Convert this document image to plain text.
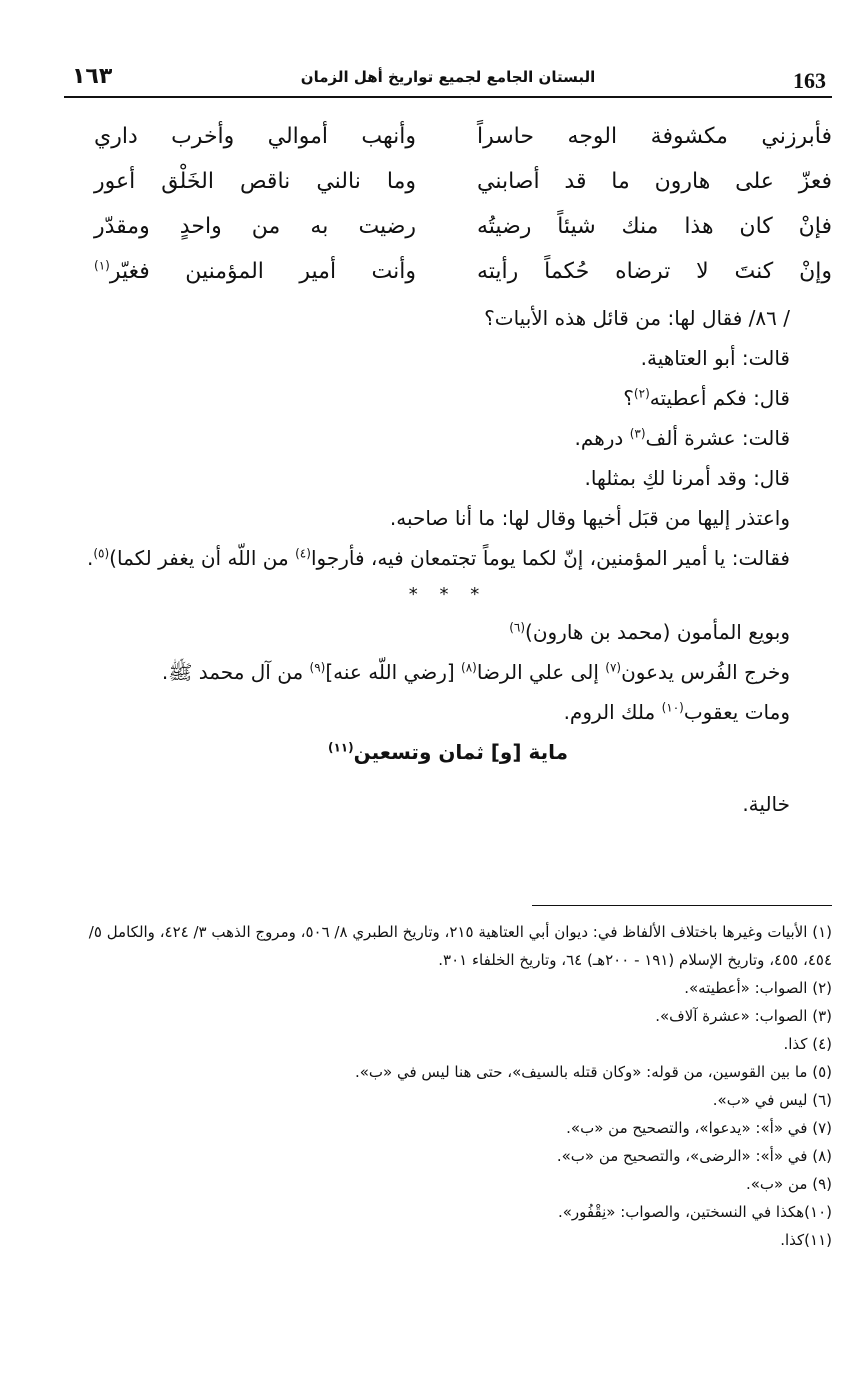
163
البستان الجامع لجميع تواريخ أهل الزمان
١٦٣
فأبرزني مكشوفة الوجه حاسراً
وأنهب أموالي وأخرب داري
فعزّ على هارون ما قد أصابني
وما نالني ناقص الخَلْق أعور
فإنْ كان هذا منك شيئاً رضيتُه
رضيت به من واحدٍ ومقدّر
وإنْ كنتَ لا ترضاه حُكماً رأيته
وأنت أمير المؤمنين فغيّر$^{(١)}$

/ ٨٦/ فقال لها: من قائل هذه الأبيات؟

قالت: أبو العتاهية.

قال: فكم أعطيته$^{(٢)}$؟

قالت: عشرة ألف$^{(٣)}$ درهم.

قال: وقد أمرنا لكِ بمثلها.

واعتذر إليها من قبَل أخيها وقال لها: ما أنا صاحبه.

فقالت: يا أمير المؤمنين، إنّ لكما يوماً تجتمعان فيه، فأرجوا$^{(٤)}$ من اللّه أن يغفر لكما)$^{(٥)}$.

* * *

وبويع المأمون (محمد بن هارون)$^{(٦)}$

وخرج الفُرس يدعون$^{(٧)}$ إلى علي الرضا$^{(٨)}$ [رضي اللّه عنه]$^{(٩)}$ من آل محمد ﷺ.

ومات يعقوب$^{(١٠)}$ ملك الروم.

ماية [و] ثمان وتسعين$^{(١١)}$

خالية.

(١) الأبيات وغيرها باختلاف الألفاظ في: ديوان أبي العتاهية ٢١٥، وتاريخ الطبري ٨/ ٥٠٦، ومروج الذهب ٣/ ٤٢٤، والكامل ٥/ ٤٥٤، ٤٥٥، وتاريخ الإسلام (١٩١ - ٢٠٠هـ) ٦٤، وتاريخ الخلفاء ٣٠١.

(٢) الصواب: «أعطيته».

(٣) الصواب: «عشرة آلاف».

(٤) كذا.

(٥) ما بين القوسين، من قوله: «وكان قتله بالسيف»، حتى هنا ليس في «ب».

(٦) ليس في «ب».

(٧) في «أ»: «يدعوا»، والتصحيح من «ب».

(٨) في «أ»: «الرضى»، والتصحيح من «ب».

(٩) من «ب».

(١٠)هكذا في النسختين، والصواب: «نِقْفُور».

(١١)كذا.
